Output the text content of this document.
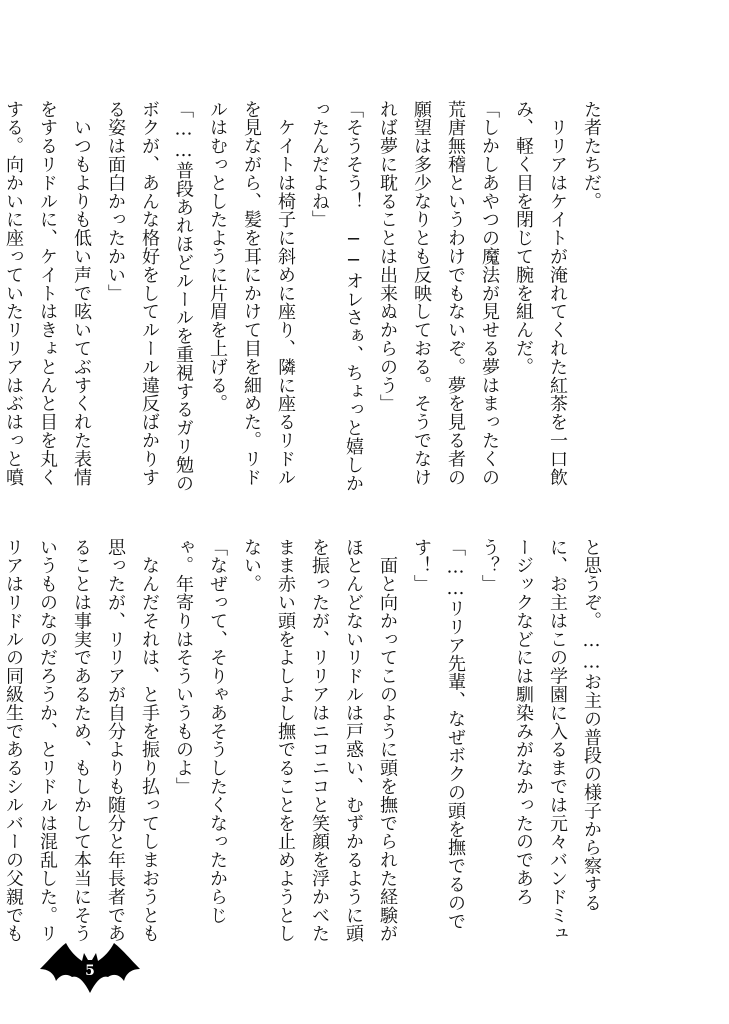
た者たちだ。

　リリアはケイトが淹れてくれた紅茶を一口飲み、軽く目を閉じて腕を組んだ。

「しかしあやつの魔法が見せる夢はまったくの荒唐無稽というわけでもないぞ。夢を見る者の願望は多少なりとも反映しておる。そうでなければ夢に耽ることは出来ぬからのう」

「そうそう！　──オレさぁ、ちょっと嬉しかったんだよね」

　ケイトは椅子に斜めに座り、隣に座るリドルを見ながら、髪を耳にかけて目を細めた。リドルはむっとしたように片眉を上げる。

「……普段あれほどルールを重視するガリ勉のボクが、あんな格好をしてルール違反ばかりする姿は面白かったかい」

　いつもよりも低い声で呟いてぶすくれた表情をするリドルに、ケイトはきょとんと目を丸くする。向かいに座っていたリリアはぶはっと噴

と思うぞ。……お主の普段の様子から察するに、お主はこの学園に入るまでは元々バンドミュージックなどには馴染みがなかったのであろう？」

「……リリア先輩、なぜボクの頭を撫でるのです！」

　面と向かってこのように頭を撫でられた経験がほとんどないリドルは戸惑い、むずかるように頭を振ったが、リリアはニコニコと笑顔を浮かべたまま赤い頭をよしよし撫でることを止めようとしない。

「なぜって、そりゃあそうしたくなったからじゃ。年寄りはそういうものよ」

　なんだそれは、と手を振り払ってしまおうとも思ったが、リリアが自分よりも随分と年長者であることは事実であるため、もしかして本当にそういうものなのだろうか、とリドルは混乱した。リリアはリドルの同級生であるシルバーの父親でも

5
